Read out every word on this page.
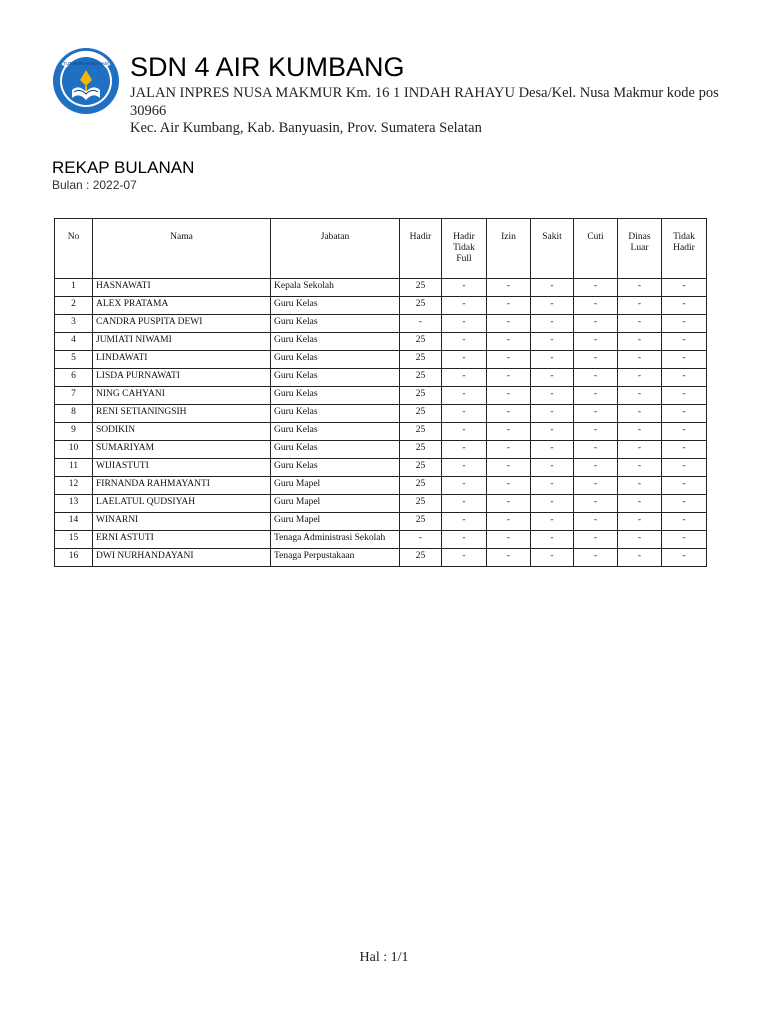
TUT WURI HANDAYANI SDN 4 AIR KUMBANG
JALAN INPRES NUSA MAKMUR Km. 16 1 INDAH RAHAYU Desa/Kel. Nusa Makmur kode pos 30966
Kec. Air Kumbang, Kab. Banyuasin, Prov. Sumatera Selatan
REKAP BULANAN
Bulan : 2022-07
No	Nama	Jabatan	Hadir	Hadir Tidak Full	Izin	Sakit	Cuti	Dinas Luar	Tidak Hadir
1	HASNAWATI	Kepala Sekolah	25	-	-	-	-	-	-
2	ALEX PRATAMA	Guru Kelas	25	-	-	-	-	-	-
3	CANDRA PUSPITA DEWI	Guru Kelas	-	-	-	-	-	-	-
4	JUMIATI NIWAMI	Guru Kelas	25	-	-	-	-	-	-
5	LINDAWATI	Guru Kelas	25	-	-	-	-	-	-
6	LISDA PURNAWATI	Guru Kelas	25	-	-	-	-	-	-
7	NING CAHYANI	Guru Kelas	25	-	-	-	-	-	-
8	RENI SETIANINGSIH	Guru Kelas	25	-	-	-	-	-	-
9	SODIKIN	Guru Kelas	25	-	-	-	-	-	-
10	SUMARIYAM	Guru Kelas	25	-	-	-	-	-	-
11	WIJIASTUTI	Guru Kelas	25	-	-	-	-	-	-
12	FIRNANDA RAHMAYANTI	Guru Mapel	25	-	-	-	-	-	-
13	LAELATUL QUDSIYAH	Guru Mapel	25	-	-	-	-	-	-
14	WINARNI	Guru Mapel	25	-	-	-	-	-	-
15	ERNI ASTUTI	Tenaga Administrasi Sekolah	-	-	-	-	-	-	-
16	DWI NURHANDAYANI	Tenaga Perpustakaan	25	-	-	-	-	-	-
Hal : 1/1
